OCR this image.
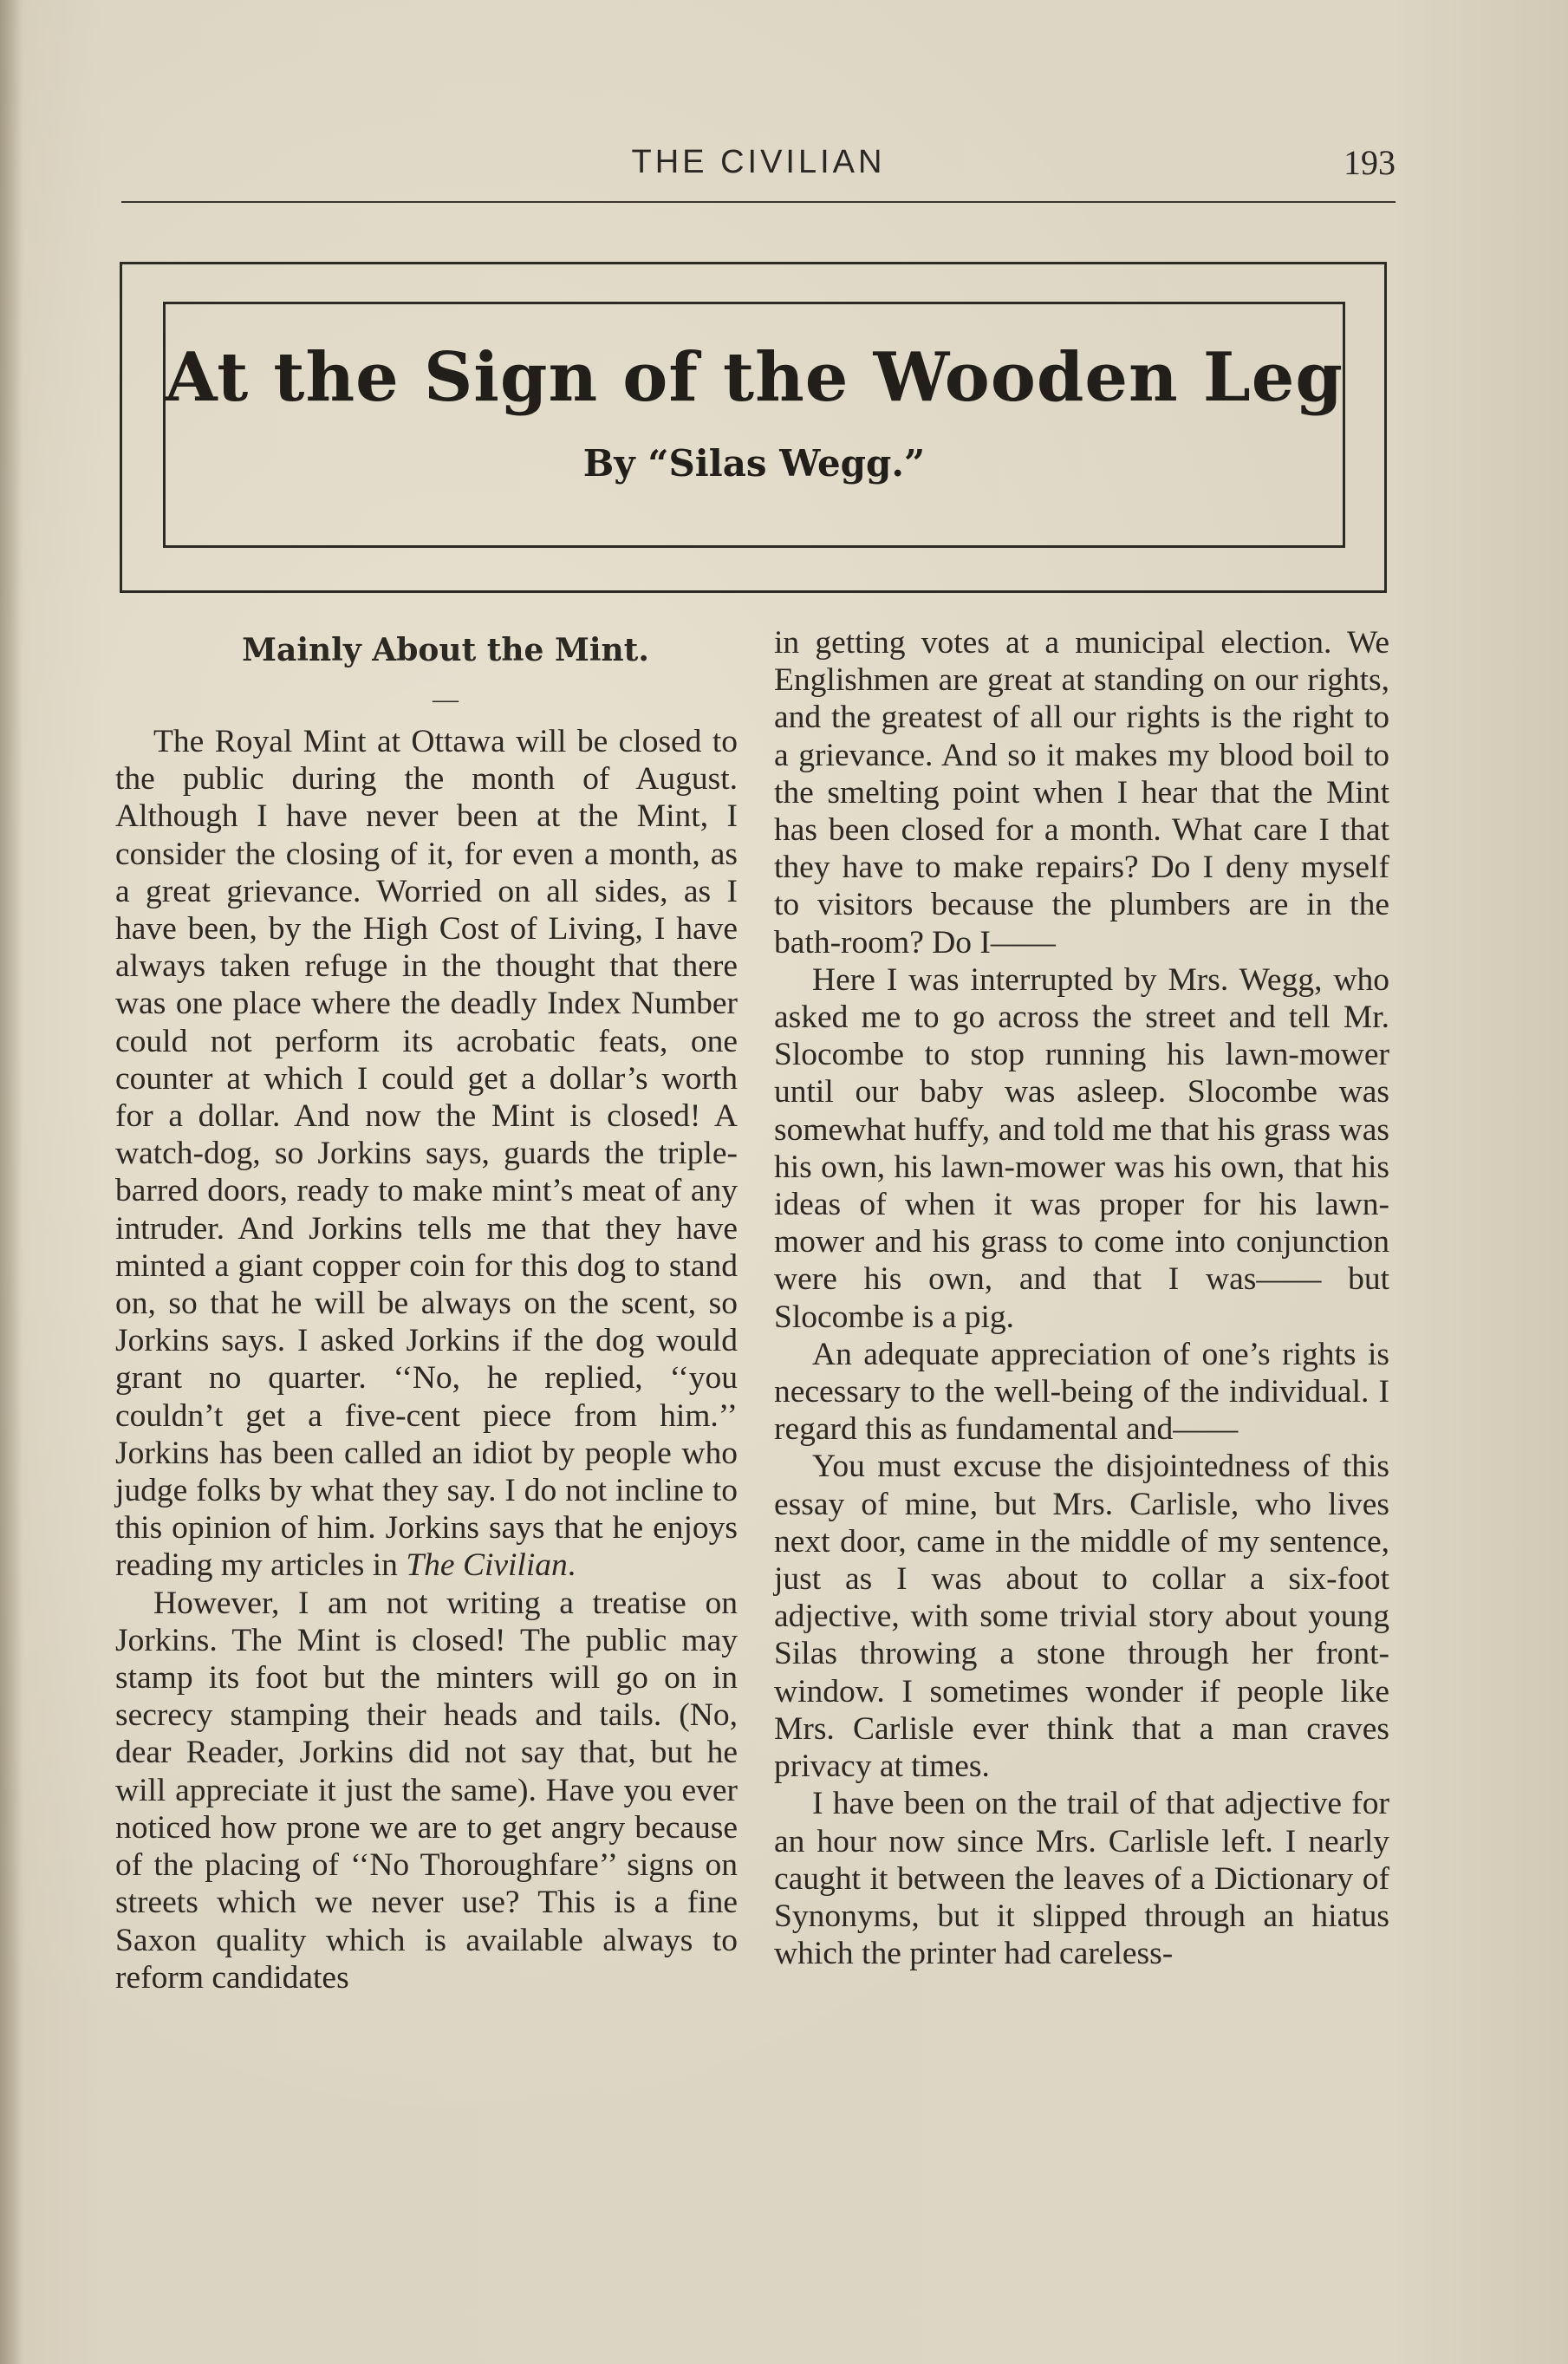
THE CIVILIAN	193
At the Sign of the Wooden Leg
By “Silas Wegg.”

Mainly About the Mint.

—

The Royal Mint at Ottawa will be closed to the public during the month of August. Although I have never been at the Mint, I consider the closing of it, for even a month, as a great grievance. Worried on all sides, as I have been, by the High Cost of Living, I have always taken refuge in the thought that there was one place where the deadly Index Number could not perform its acrobatic feats, one counter at which I could get a dollar’s worth for a dollar. And now the Mint is closed! A watch-dog, so Jorkins says, guards the triple-barred doors, ready to make mint’s meat of any intruder. And Jorkins tells me that they have minted a giant copper coin for this dog to stand on, so that he will be always on the scent, so Jorkins says. I asked Jorkins if the dog would grant no quarter. ‘‘No, he replied, ‘‘you couldn’t get a five-cent piece from him.’’ Jorkins has been called an idiot by people who judge folks by what they say. I do not incline to this opinion of him. Jorkins says that he enjoys reading my articles in The Civilian.

However, I am not writing a treatise on Jorkins. The Mint is closed! The public may stamp its foot but the minters will go on in secrecy stamping their heads and tails. (No, dear Reader, Jorkins did not say that, but he will appreciate it just the same). Have you ever noticed how prone we are to get angry because of the placing of ‘‘No Thoroughfare’’ signs on streets which we never use? This is a fine Saxon quality which is available always to reform candidates

in getting votes at a municipal election. We Englishmen are great at standing on our rights, and the greatest of all our rights is the right to a grievance. And so it makes my blood boil to the smelting point when I hear that the Mint has been closed for a month. What care I that they have to make repairs? Do I deny myself to visitors because the plumbers are in the bath-room? Do I——

Here I was interrupted by Mrs. Wegg, who asked me to go across the street and tell Mr. Slocombe to stop running his lawn-mower until our baby was asleep. Slocombe was somewhat huffy, and told me that his grass was his own, his lawn-mower was his own, that his ideas of when it was proper for his lawn-mower and his grass to come into conjunction were his own, and that I was—— but Slocombe is a pig.

An adequate appreciation of one’s rights is necessary to the well-being of the individual. I regard this as fundamental and——

You must excuse the disjointedness of this essay of mine, but Mrs. Carlisle, who lives next door, came in the middle of my sentence, just as I was about to collar a six-foot adjective, with some trivial story about young Silas throwing a stone through her front-window. I sometimes wonder if people like Mrs. Carlisle ever think that a man craves privacy at times.

I have been on the trail of that adjective for an hour now since Mrs. Carlisle left. I nearly caught it between the leaves of a Dictionary of Synonyms, but it slipped through an hiatus which the printer had careless-
